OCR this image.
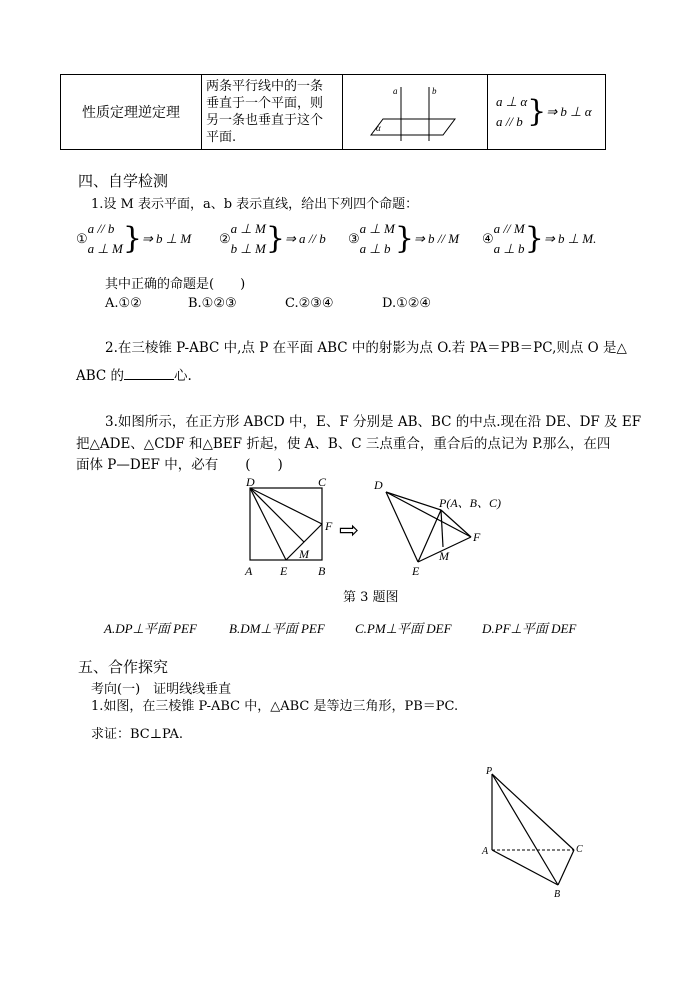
性质定理逆定理	
两条平行线中的一条
垂直于一个平面，则
另一条也垂直于这个
平面.

a	b
α

a ⊥ α
a // b } ⇒ b ⊥ α
四、自学检测
1.设 M 表示平面，a、b 表示直线，给出下列四个命题：
①
a // b
a ⊥ M } ⇒ b ⊥ M ②
a ⊥ M
b ⊥ M } ⇒ a // b ③
a ⊥ M
a ⊥ b } ⇒ b // M ④
a // M
a ⊥ b } ⇒ b ⊥ M.
其中正确的命题是(　　)
A.①②	B.①②③	C.②③④	D.①②④
2.在三棱锥 P-ABC 中,点 P 在平面 ABC 中的射影为点 O.若 PA＝PB＝PC,则点 O 是△
ABC 的	心.
3.如图所示，在正方形 ABCD 中，E、F 分别是 AB、BC 的中点.现在沿 DE、DF 及 EF
把△ADE、△CDF 和△BEF 折起，使 A、B、C 三点重合，重合后的点记为 P.那么，在四
面体 P—DEF 中，必有　　(　　)
D	C
F
M
A E	B
⇨
D
P(A、B、C)
F
M
E
第 3 题图
A.DP⊥平面 PEF B.DM⊥平面 PEF C.PM⊥平面 DEF D.PF⊥平面 DEF
五、合作探究
考向(一)　证明线线垂直
1.如图，在三棱锥 P-ABC 中，△ABC 是等边三角形，PB＝PC.
求证：BC⊥PA.
P
A	C
B
